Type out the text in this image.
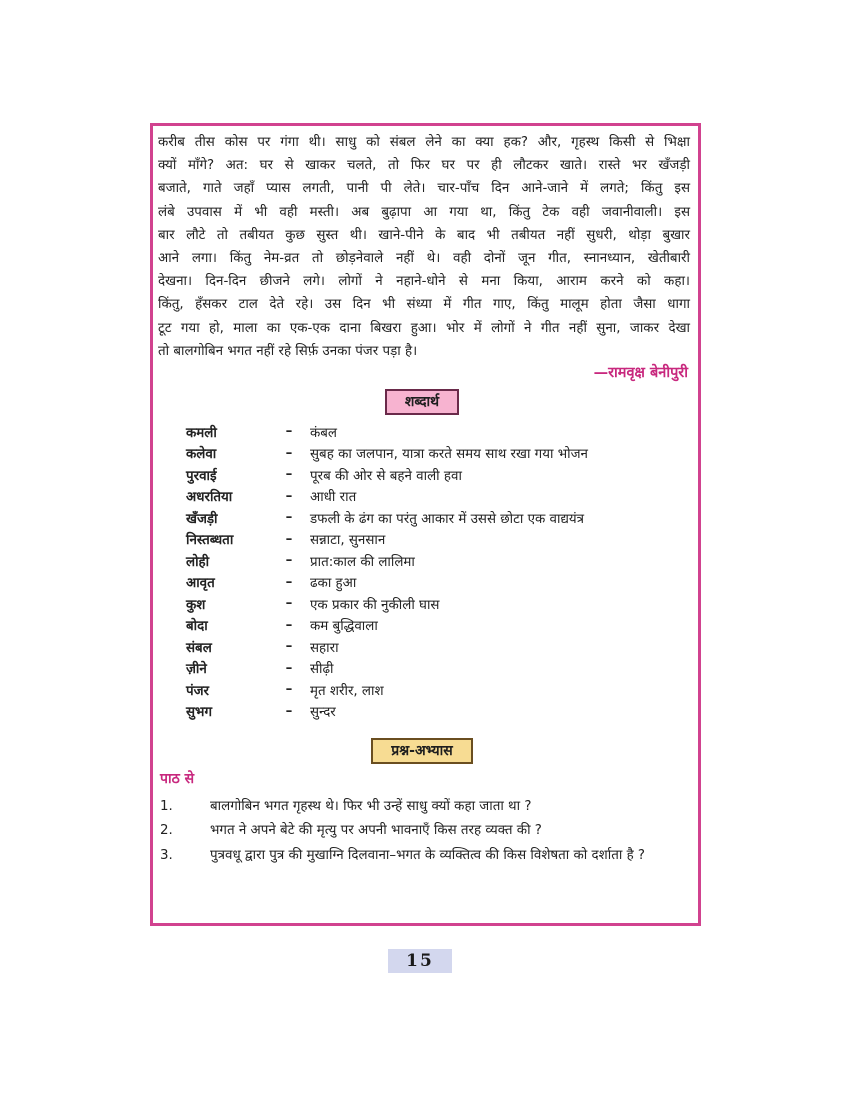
करीब तीस कोस पर गंगा थी। साधु को संबल लेने का क्या हक? और, गृहस्थ किसी से भिक्षा
क्यों माँगे? अत: घर से खाकर चलते, तो फिर घर पर ही लौटकर खाते। रास्ते भर खँजड़ी
बजाते, गाते जहाँ प्यास लगती, पानी पी लेते। चार-पाँच दिन आने-जाने में लगते; किंतु इस
लंबे उपवास में भी वही मस्ती। अब बुढ़ापा आ गया था, किंतु टेक वही जवानीवाली। इस
बार लौटे तो तबीयत कुछ सुस्त थी। खाने-पीने के बाद भी तबीयत नहीं सुधरी, थोड़ा बुखार
आने लगा। किंतु नेम-व्रत तो छोड़नेवाले नहीं थे। वही दोनों जून गीत, स्नानध्यान, खेतीबारी
देखना। दिन-दिन छीजने लगे। लोगों ने नहाने-धोने से मना किया, आराम करने को कहा।
किंतु, हँसकर टाल देते रहे। उस दिन भी संध्या में गीत गाए, किंतु मालूम होता जैसा धागा
टूट गया हो, माला का एक-एक दाना बिखरा हुआ। भोर में लोगों ने गीत नहीं सुना, जाकर देखा
तो बालगोबिन भगत नहीं रहे सिर्फ़ उनका पंजर पड़ा है।

—रामवृक्ष बेनीपुरी
शब्दार्थ
कमली	–	कंबल
कलेवा	–	सुबह का जलपान, यात्रा करते समय साथ रखा गया भोजन
पुरवाई	–	पूरब की ओर से बहने वाली हवा
अधरतिया	–	आधी रात
खँजड़ी	–	डफली के ढंग का परंतु आकार में उससे छोटा एक वाद्ययंत्र
निस्तब्धता	–	सन्नाटा, सुनसान
लोही	–	प्रात:काल की लालिमा
आवृत	–	ढका हुआ
कुश	–	एक प्रकार की नुकीली घास
बोदा	–	कम बुद्धिवाला
संबल	–	सहारा
ज़ीने	–	सीढ़ी
पंजर	–	मृत शरीर, लाश
सुभग	–	सुन्दर
प्रश्न-अभ्यास
पाठ से
1.	बालगोबिन भगत गृहस्थ थे। फिर भी उन्हें साधु क्यों कहा जाता था ?
2.	भगत ने अपने बेटे की मृत्यु पर अपनी भावनाएँ किस तरह व्यक्त की ?
3.	पुत्रवधू द्वारा पुत्र की मुखाग्नि दिलवाना–भगत के व्यक्तित्व की किस विशेषता को दर्शाता है ?
15
